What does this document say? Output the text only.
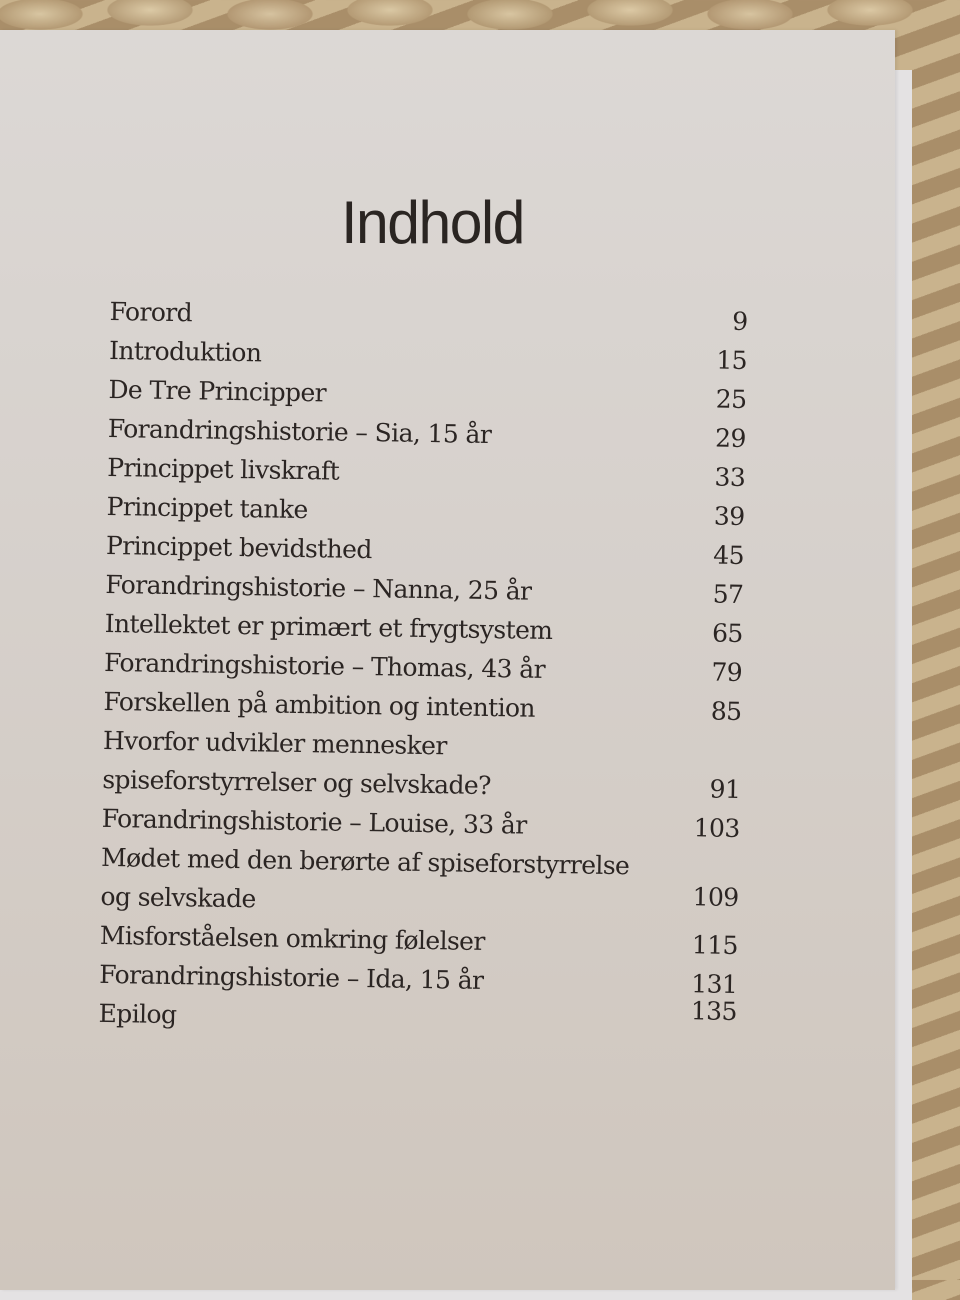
Indhold
Forord	9
Introduktion	15
De Tre Principper	25
Forandringshistorie – Sia, 15 år	29
Princippet livskraft	33
Princippet tanke	39
Princippet bevidsthed	45
Forandringshistorie – Nanna, 25 år	57
Intellektet er primært et frygtsystem	65
Forandringshistorie – Thomas, 43 år	79
Forskellen på ambition og intention	85
Hvorfor udvikler mennesker
spiseforstyrrelser og selvskade?	91
Forandringshistorie – Louise, 33 år	103
Mødet med den berørte af spiseforstyrrelse
og selvskade	109
Misforståelsen omkring følelser	115
Forandringshistorie – Ida, 15 år	131
Epilog	135
